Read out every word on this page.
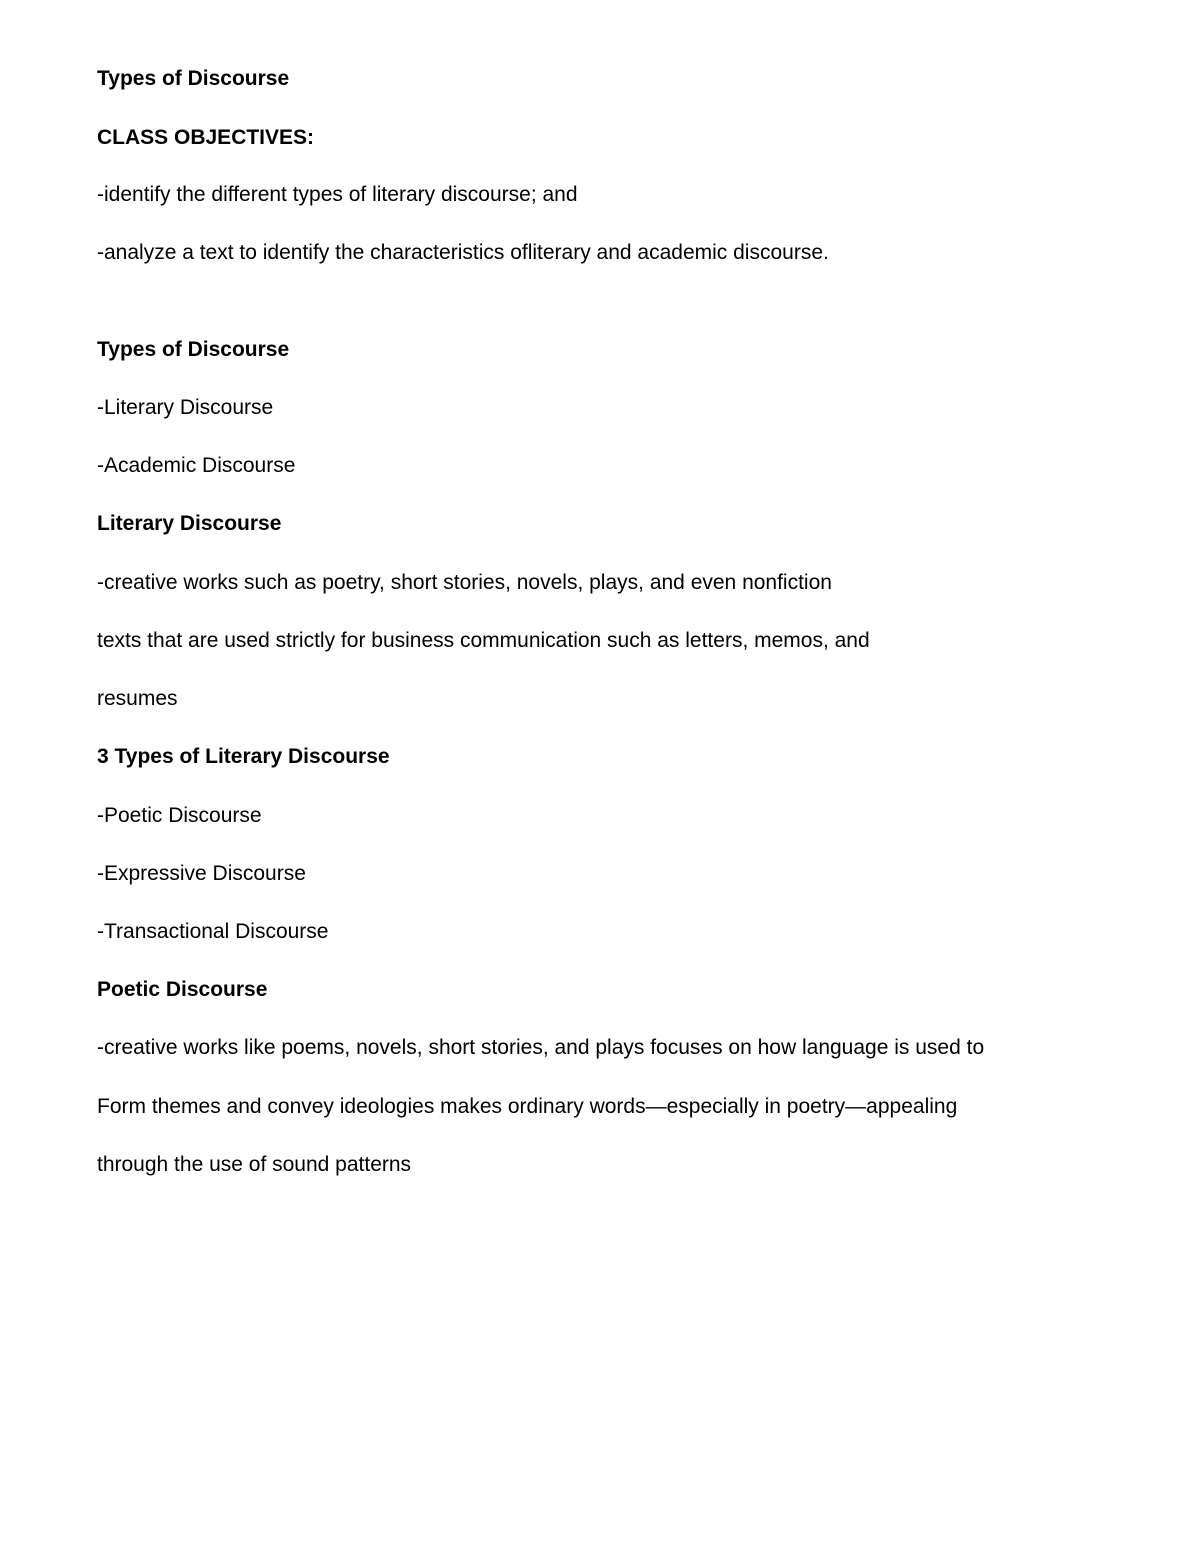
Types of Discourse
CLASS OBJECTIVES:
-identify the different types of literary discourse; and
-analyze a text to identify the characteristics ofliterary and academic discourse.
Types of Discourse
-Literary Discourse
-Academic Discourse
Literary Discourse
-creative works such as poetry, short stories, novels, plays, and even nonfiction
texts that are used strictly for business communication such as letters, memos, and
resumes
3 Types of Literary Discourse
-Poetic Discourse
-Expressive Discourse
-Transactional Discourse
Poetic Discourse
-creative works like poems, novels, short stories, and plays focuses on how language is used to
Form themes and convey ideologies makes ordinary words—especially in poetry—appealing
through the use of sound patterns
